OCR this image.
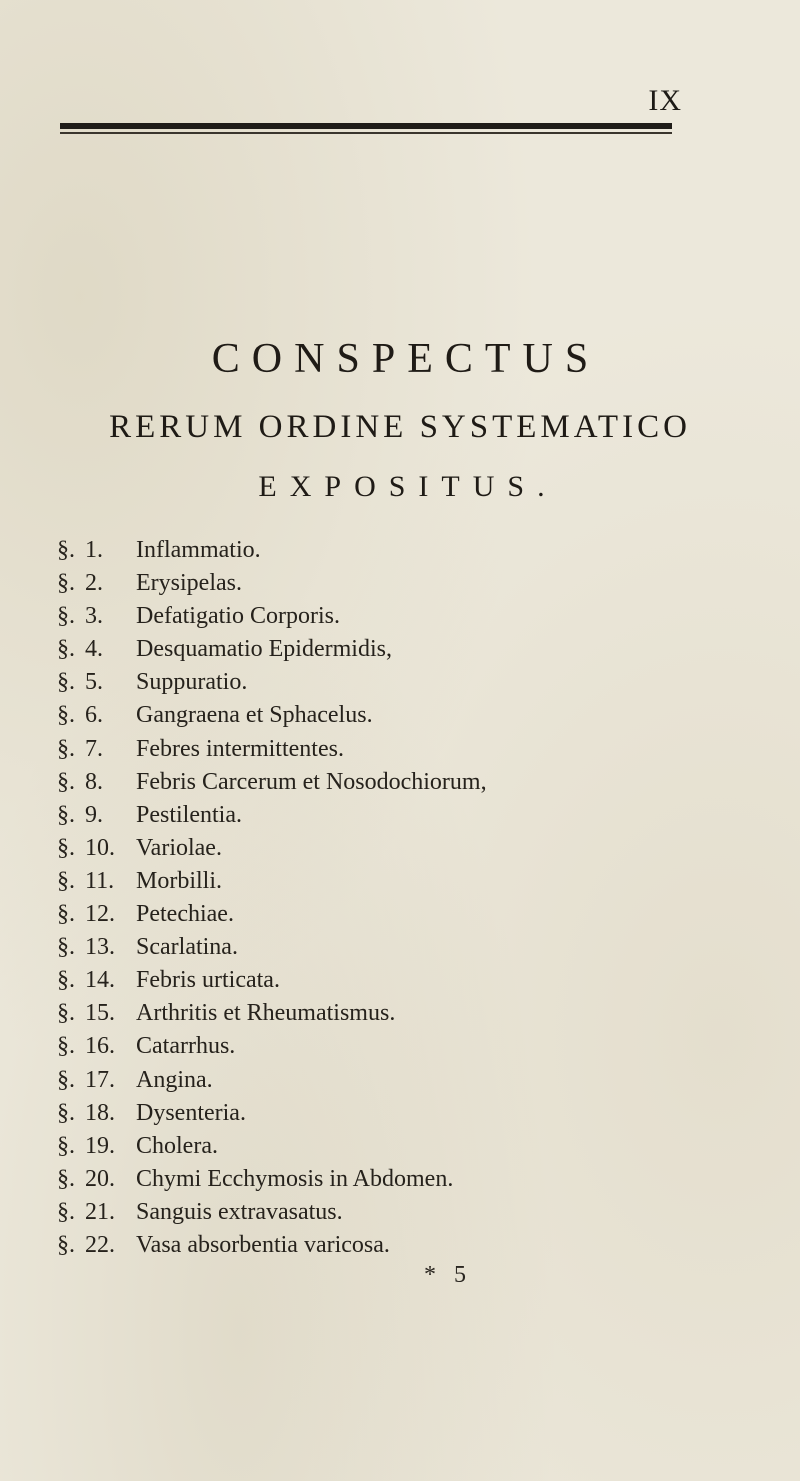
IX
CONSPECTUS
RERUM ORDINE SYSTEMATICO
EXPOSITUS.
§. 1.	Inflammatio.
§. 2.	Erysipelas.
§. 3.	Defatigatio Corporis.
§. 4.	Desquamatio Epidermidis,
§. 5.	Suppuratio.
§. 6.	Gangraena et Sphacelus.
§. 7.	Febres intermittentes.
§. 8.	Febris Carcerum et Nosodochiorum,
§. 9.	Pestilentia.
§. 10. Variolae.
§. 11. Morbilli.
§. 12. Petechiae.
§. 13. Scarlatina.
§. 14. Febris urticata.
§. 15. Arthritis et Rheumatismus.
§. 16. Catarrhus.
§. 17. Angina.
§. 18. Dysenteria.
§. 19. Cholera.
§. 20. Chymi Ecchymosis in Abdomen.
§. 21. Sanguis extravasatus.
§. 22. Vasa absorbentia varicosa.
* 5
